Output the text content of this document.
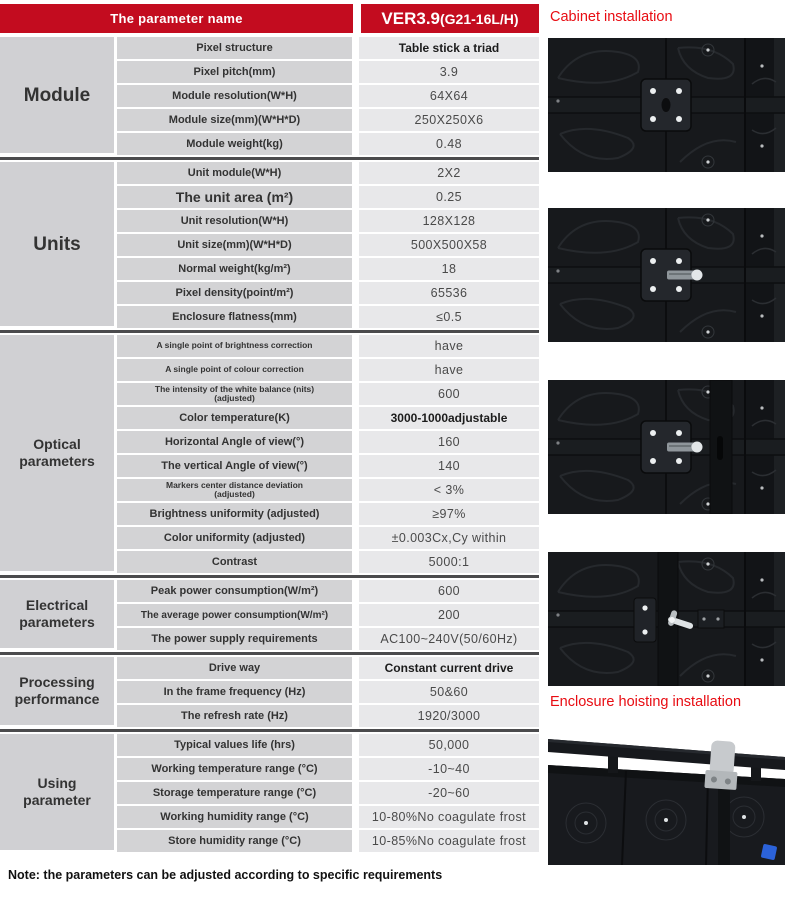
The parameter name	VER3.9 (G21-16L/H)
Module
Pixel structure	Table stick a triad
Pixel pitch(mm)	3.9
Module resolution(W*H)	64X64
Module size(mm)(W*H*D)	250X250X6
Module weight(kg)	0.48
Units
Unit module(W*H)	2X2
The unit area (m²)	0.25
Unit resolution(W*H)	128X128
Unit size(mm)(W*H*D)	500X500X58
Normal weight(kg/m²)	18
Pixel density(point/m²)	65536
Enclosure flatness(mm)	≤0.5
Optical parameters
A single point of brightness correction	have
A single point of colour correction	have
The intensity of the white balance (nits) (adjusted)	600
Color temperature(K)	3000-1000adjustable
Horizontal Angle of view(°)	160
The vertical Angle of view(°)	140
Markers center distance deviation (adjusted)	< 3%
Brightness uniformity (adjusted)	≥97%
Color uniformity (adjusted)	±0.003Cx,Cy within
Contrast	5000:1
Electrical parameters
Peak power consumption(W/m²)	600
The average power consumption(W/m²)	200
The power supply requirements	AC100~240V(50/60Hz)
Processing performance
Drive way	Constant current drive
In the frame frequency (Hz)	50&60
The refresh rate (Hz)	1920/3000
Using parameter
Typical values life (hrs)	50,000
Working temperature range (°C)	-10~40
Storage temperature range (°C)	-20~60
Working humidity range (°C)	10-80%No coagulate frost
Store humidity range (°C)	10-85%No coagulate frost
Cabinet installation
Enclosure hoisting installation
Note: the parameters can be adjusted according to specific requirements
